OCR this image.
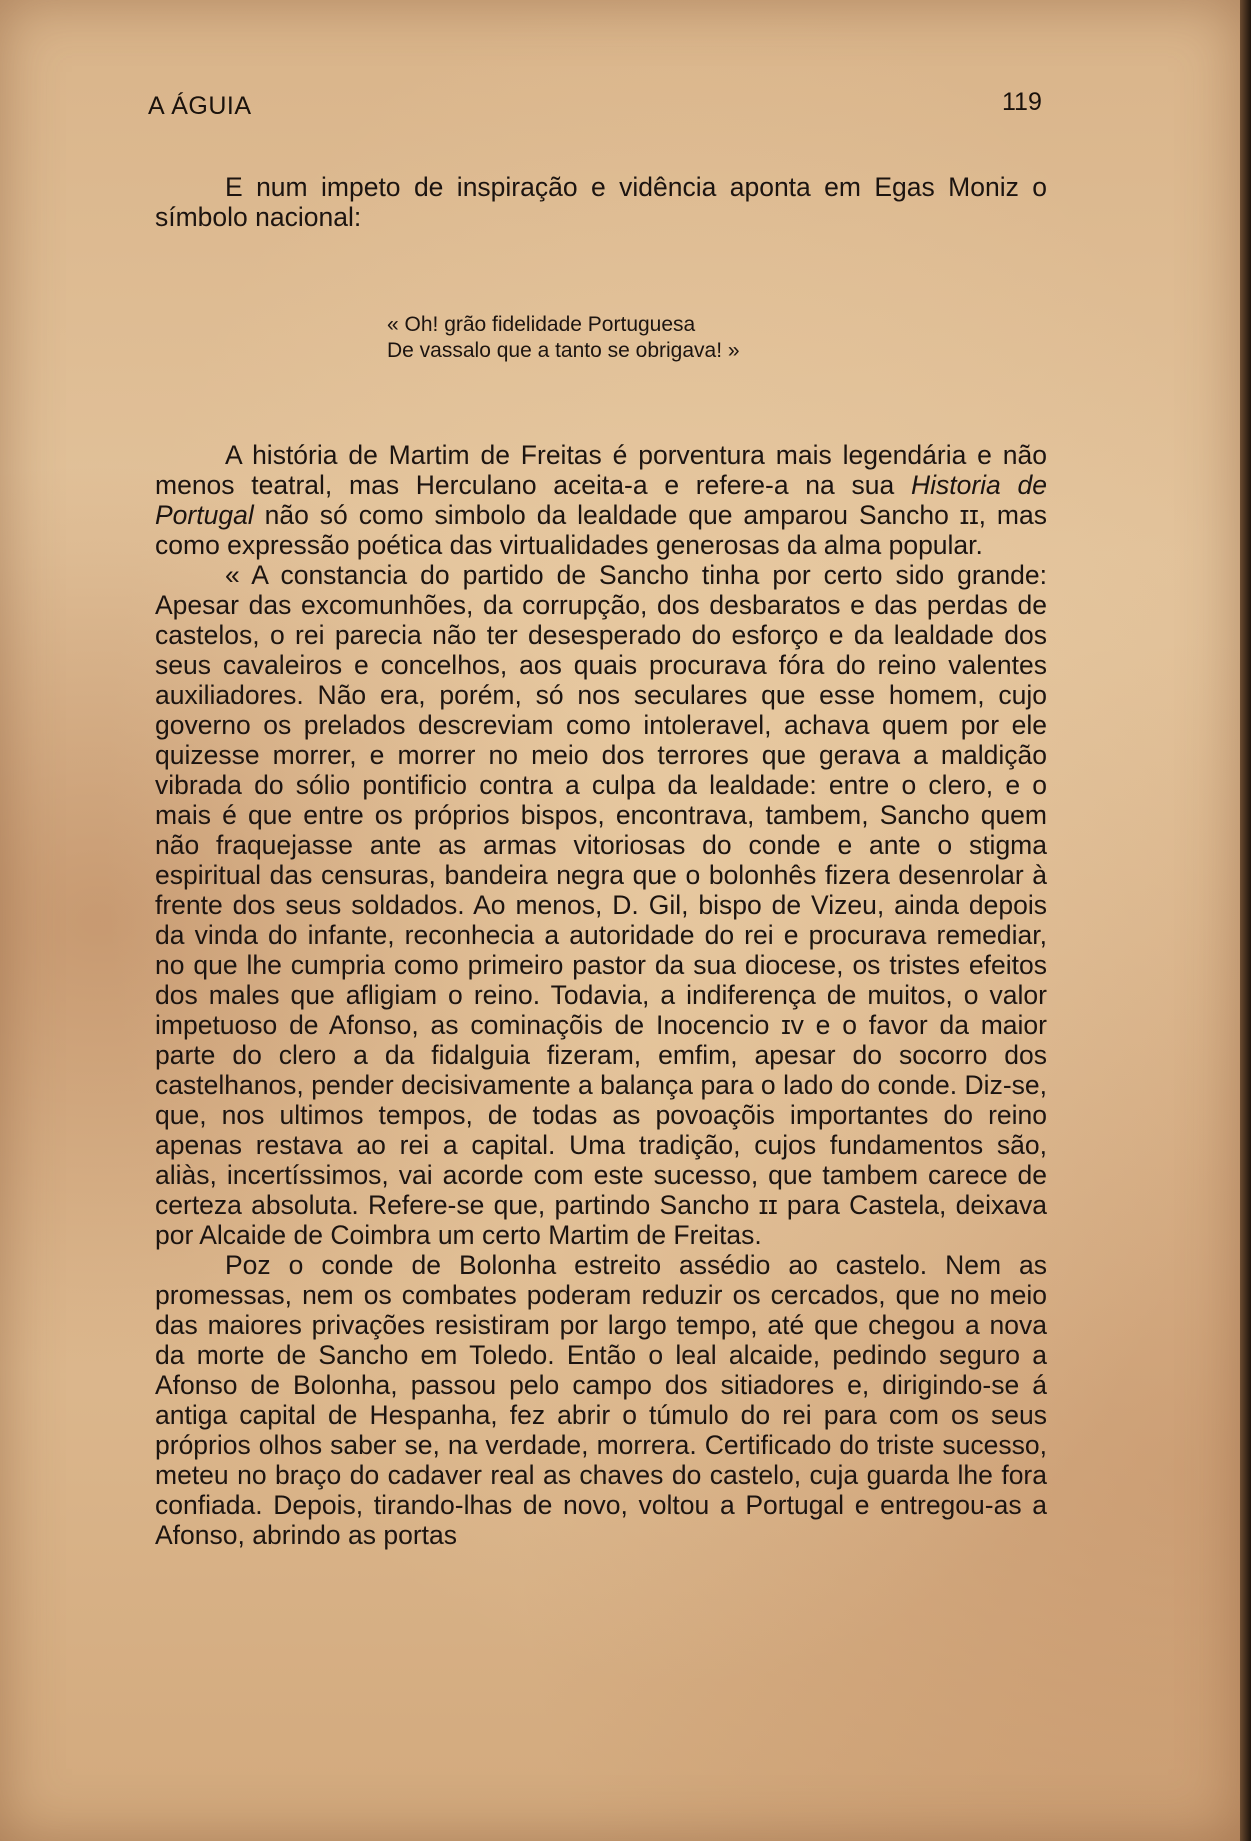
A ÁGUIA	119
E num impeto de inspiração e vidência aponta em Egas Moniz o símbolo nacional:
« Oh! grão fidelidade Portuguesa
De vassalo que a tanto se obrigava! »

A história de Martim de Freitas é porventura mais legendária e não menos teatral, mas Herculano aceita-a e refere-a na sua Historia de Portugal não só como simbolo da lealdade que amparou Sancho ɪɪ, mas como expressão poética das virtualidades generosas da alma popular.

« A constancia do partido de Sancho tinha por certo sido grande: Apesar das excomunhões, da corrupção, dos desbaratos e das perdas de castelos, o rei parecia não ter desesperado do esforço e da lealdade dos seus cavaleiros e concelhos, aos quais procurava fóra do reino valentes auxiliadores. Não era, porém, só nos seculares que esse homem, cujo governo os prelados descreviam como intoleravel, achava quem por ele quizesse morrer, e morrer no meio dos terrores que gerava a maldição vibrada do sólio pontificio contra a culpa da lealdade: entre o clero, e o mais é que entre os próprios bispos, encontrava, tambem, Sancho quem não fraquejasse ante as armas vitoriosas do conde e ante o stigma espiritual das censuras, bandeira negra que o bolonhês fizera desenrolar à frente dos seus soldados. Ao menos, D. Gil, bispo de Vizeu, ainda depois da vinda do infante, reconhecia a autoridade do rei e procurava remediar, no que lhe cumpria como primeiro pastor da sua diocese, os tristes efeitos dos males que afligiam o reino. Todavia, a indiferença de muitos, o valor impetuoso de Afonso, as cominaçõis de Inocencio ɪᴠ e o favor da maior parte do clero a da fidalguia fizeram, emfim, apesar do socorro dos castelhanos, pender decisivamente a balança para o lado do conde. Diz-se, que, nos ultimos tempos, de todas as povoaçõis importantes do reino apenas restava ao rei a capital. Uma tradição, cujos fundamentos são, aliàs, incertíssimos, vai acorde com este sucesso, que tambem carece de certeza absoluta. Refere-se que, partindo Sancho ɪɪ para Castela, deixava por Alcaide de Coimbra um certo Martim de Freitas.

Poz o conde de Bolonha estreito assédio ao castelo. Nem as promessas, nem os combates poderam reduzir os cercados, que no meio das maiores privações resistiram por largo tempo, até que chegou a nova da morte de Sancho em Toledo. Então o leal alcaide, pedindo seguro a Afonso de Bolonha, passou pelo campo dos sitiadores e, dirigindo-se á antiga capital de Hespanha, fez abrir o túmulo do rei para com os seus próprios olhos saber se, na verdade, morrera. Certificado do triste sucesso, meteu no braço do cadaver real as chaves do castelo, cuja guarda lhe fora confiada. Depois, tirando-lhas de novo, voltou a Portugal e entregou-as a Afonso, abrindo as portas
